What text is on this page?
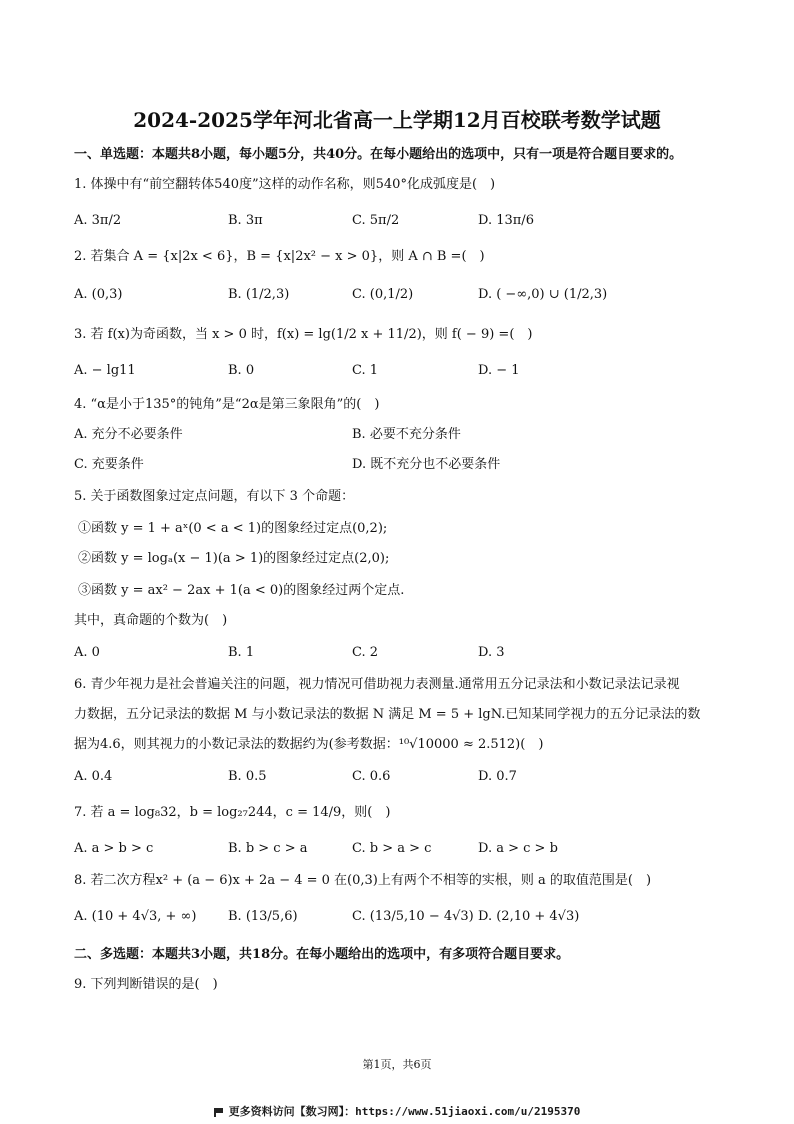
2024-2025学年河北省高一上学期12月百校联考数学试题
一、单选题：本题共8小题，每小题5分，共40分。在每小题给出的选项中，只有一项是符合题目要求的。
1. 体操中有“前空翻转体540度”这样的动作名称，则540°化成弧度是(　)
A. 3π/2	B. 3π	C. 5π/2	D. 13π/6
2. 若集合 A = {x|2x < 6}，B = {x|2x² − x > 0}，则 A ∩ B =(　)
A. (0,3)	B. (1/2,3)	C. (0,1/2)	D. ( −∞,0) ∪ (1/2,3)
3. 若 f(x)为奇函数，当 x > 0 时，f(x) = lg(1/2 x + 11/2)，则 f( − 9) =(　)
A. − lg11	B. 0	C. 1	D. − 1
4. “α是小于135°的钝角”是“2α是第三象限角”的(　)
A. 充分不必要条件	B. 必要不充分条件
C. 充要条件	D. 既不充分也不必要条件
5. 关于函数图象过定点问题，有以下 3 个命题：
①函数 y = 1 + aˣ(0 < a < 1)的图象经过定点(0,2);
②函数 y = logₐ(x − 1)(a > 1)的图象经过定点(2,0);
③函数 y = ax² − 2ax + 1(a < 0)的图象经过两个定点.
其中，真命题的个数为(　)
A. 0	B. 1	C. 2	D. 3
6. 青少年视力是社会普遍关注的问题，视力情况可借助视力表测量.通常用五分记录法和小数记录法记录视
力数据，五分记录法的数据 M 与小数记录法的数据 N 满足 M = 5 + lgN.已知某同学视力的五分记录法的数
据为4.6，则其视力的小数记录法的数据约为(参考数据：¹⁰√10000 ≈ 2.512)(　)
A. 0.4	B. 0.5	C. 0.6	D. 0.7
7. 若 a = log₈32，b = log₂₇244，c = 14/9，则(　)
A. a > b > c	B. b > c > a	C. b > a > c	D. a > c > b
8. 若二次方程x² + (a − 6)x + 2a − 4 = 0 在(0,3)上有两个不相等的实根，则 a 的取值范围是(　)
A. (10 + 4√3, + ∞) B. (13/5,6)	C. (13/5,10 − 4√3) D. (2,10 + 4√3)
二、多选题：本题共3小题，共18分。在每小题给出的选项中，有多项符合题目要求。
9. 下列判断错误的是(　)
第1页，共6页
更多资料访问【数习网】：https://www.51jiaoxi.com/u/2195370
